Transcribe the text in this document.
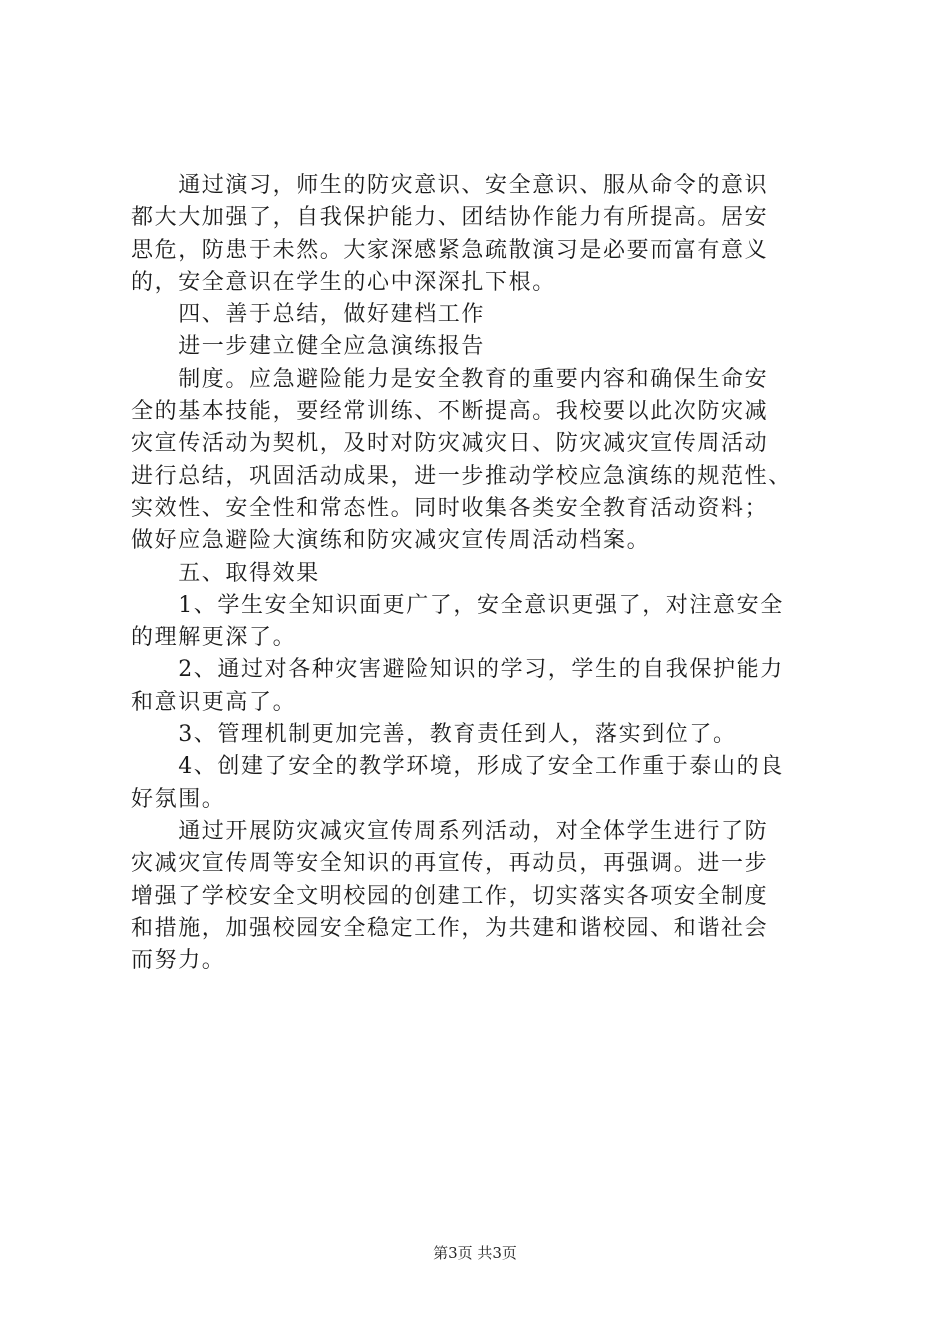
　　通过演习，师生的防灾意识、安全意识、服从命令的意识
都大大加强了，自我保护能力、团结协作能力有所提高。居安
思危，防患于未然。大家深感紧急疏散演习是必要而富有意义
的，安全意识在学生的心中深深扎下根。
　　四、善于总结，做好建档工作
　　进一步建立健全应急演练报告
　　制度。应急避险能力是安全教育的重要内容和确保生命安
全的基本技能，要经常训练、不断提高。我校要以此次防灾减
灾宣传活动为契机，及时对防灾减灾日、防灾减灾宣传周活动
进行总结，巩固活动成果，进一步推动学校应急演练的规范性、
实效性、安全性和常态性。同时收集各类安全教育活动资料；
做好应急避险大演练和防灾减灾宣传周活动档案。
　　五、取得效果
　　1、学生安全知识面更广了，安全意识更强了，对注意安全
的理解更深了。
　　2、通过对各种灾害避险知识的学习，学生的自我保护能力
和意识更高了。
　　3、管理机制更加完善，教育责任到人，落实到位了。
　　4、创建了安全的教学环境，形成了安全工作重于泰山的良
好氛围。
　　通过开展防灾减灾宣传周系列活动，对全体学生进行了防
灾减灾宣传周等安全知识的再宣传，再动员，再强调。进一步
增强了学校安全文明校园的创建工作，切实落实各项安全制度
和措施，加强校园安全稳定工作，为共建和谐校园、和谐社会
而努力。
第3页 共3页
